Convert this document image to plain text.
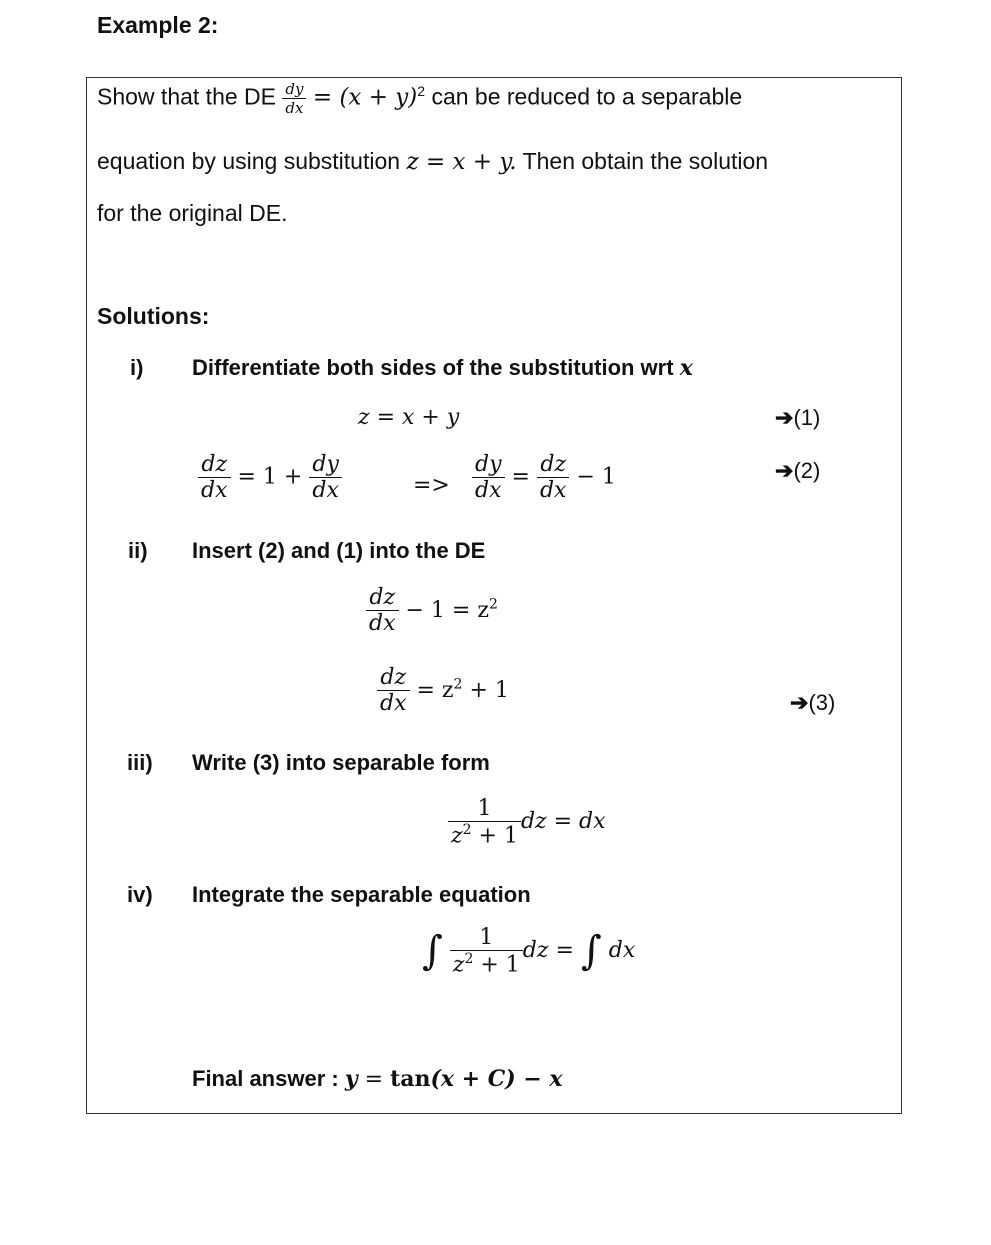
Example 2:
Show that the DE $\frac{dy}{dx} = (x + y)^2$ can be reduced to a separable
equation by using substitution z = x + y. Then obtain the solution
for the original DE.
Solutions:
i) Differentiate both sides of the substitution wrt x
z = x + y	➔(1)
$\frac{dz}{dx} = 1 + \frac{dy}{dx}$	=> $\frac{dy}{dx} = \frac{dz}{dx} - 1$	➔(2)
ii) Insert (2) and (1) into the DE
$\frac{dz}{dx} - 1 = z^2$
$\frac{dz}{dx} = z^2 + 1$	➔(3)
iii) Write (3) into separable form
$\frac{1}{z^2 + 1}$ dz = dx
iv) Integrate the separable equation
∫ $\frac{1}{z^2 + 1}$ dz = ∫ dx
Final answer : y = tan(x + C) − x
